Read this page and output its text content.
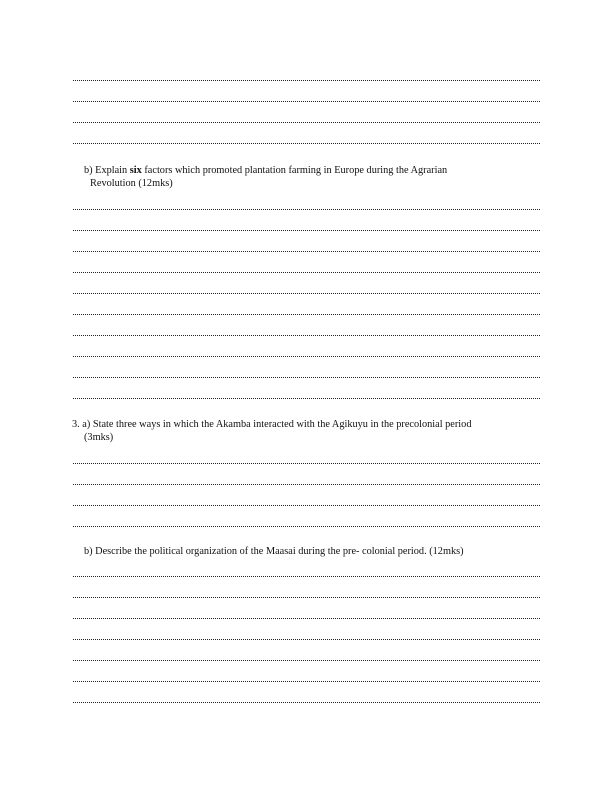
b) Explain six factors which promoted plantation farming in Europe during the Agrarian
Revolution (12mks)
3. a) State three ways in which the Akamba interacted with the Agikuyu in the precolonial period
(3mks)
b) Describe the political organization of the Maasai during the pre- colonial period. (12mks)
